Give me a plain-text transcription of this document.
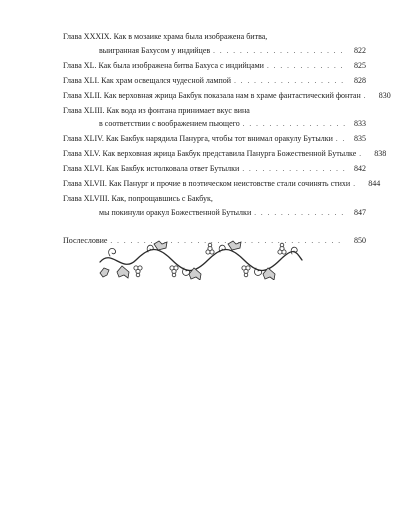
Глава XXXIX. Как в мозаике храма была изображена битва,
выигранная Бахусом у индийцев . . .	822
Глава XL. Как была изображена битва Бахуса с индийцами . . .	825
Глава XLI. Как храм освещался чудесной лампой . . .	828
Глава XLII. Как верховная жрица Бакбук показала нам в храме фантастический фонтан . . .	830
Глава XLIII. Как вода из фонтана принимает вкус вина
в соответствии с воображением пьющего . . .	833
Глава XLIV. Как Бакбук нарядила Панурга, чтобы тот внимал оракулу Бутылки . . .	835
Глава XLV. Как верховная жрица Бакбук представила Панурга Божественной Бутылке . . .	838
Глава XLVI. Как Бакбук истолковала ответ Бутылки . . .	842
Глава XLVII. Как Панург и прочие в поэтическом неистовстве стали сочинять стихи . . .	844
Глава XLVIII. Как, попрощавшись с Бакбук,
мы покинули оракул Божественной Бутылки . . .	847
Послесловие . . .	850
